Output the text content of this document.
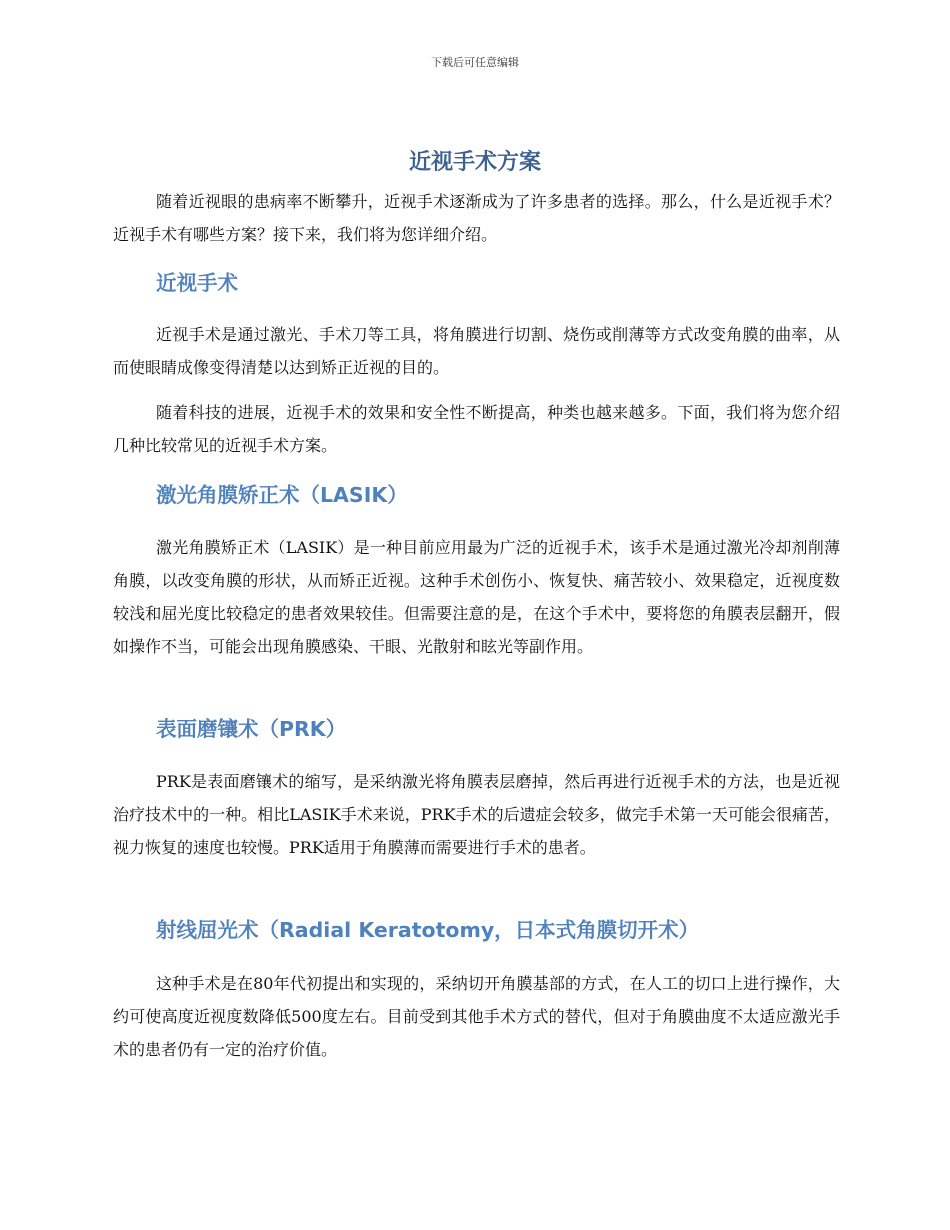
下载后可任意编辑
近视手术方案

随着近视眼的患病率不断攀升，近视手术逐渐成为了许多患者的选择。那么，什么是近视手术？近视手术有哪些方案？接下来，我们将为您详细介绍。

近视手术

近视手术是通过激光、手术刀等工具，将角膜进行切割、烧伤或削薄等方式改变角膜的曲率，从而使眼睛成像变得清楚以达到矫正近视的目的。

随着科技的进展，近视手术的效果和安全性不断提高，种类也越来越多。下面，我们将为您介绍几种比较常见的近视手术方案。

激光角膜矫正术（LASIK）

激光角膜矫正术（LASIK）是一种目前应用最为广泛的近视手术，该手术是通过激光冷却剂削薄角膜，以改变角膜的形状，从而矫正近视。这种手术创伤小、恢复快、痛苦较小、效果稳定，近视度数较浅和屈光度比较稳定的患者效果较佳。但需要注意的是，在这个手术中，要将您的角膜表层翻开，假如操作不当，可能会出现角膜感染、干眼、光散射和眩光等副作用。

表面磨镶术（PRK）

PRK是表面磨镶术的缩写，是采纳激光将角膜表层磨掉，然后再进行近视手术的方法，也是近视治疗技术中的一种。相比LASIK手术来说，PRK手术的后遗症会较多，做完手术第一天可能会很痛苦，视力恢复的速度也较慢。PRK适用于角膜薄而需要进行手术的患者。

射线屈光术（Radial Keratotomy，日本式角膜切开术）

这种手术是在80年代初提出和实现的，采纳切开角膜基部的方式，在人工的切口上进行操作，大约可使高度近视度数降低500度左右。目前受到其他手术方式的替代，但对于角膜曲度不太适应激光手术的患者仍有一定的治疗价值。
